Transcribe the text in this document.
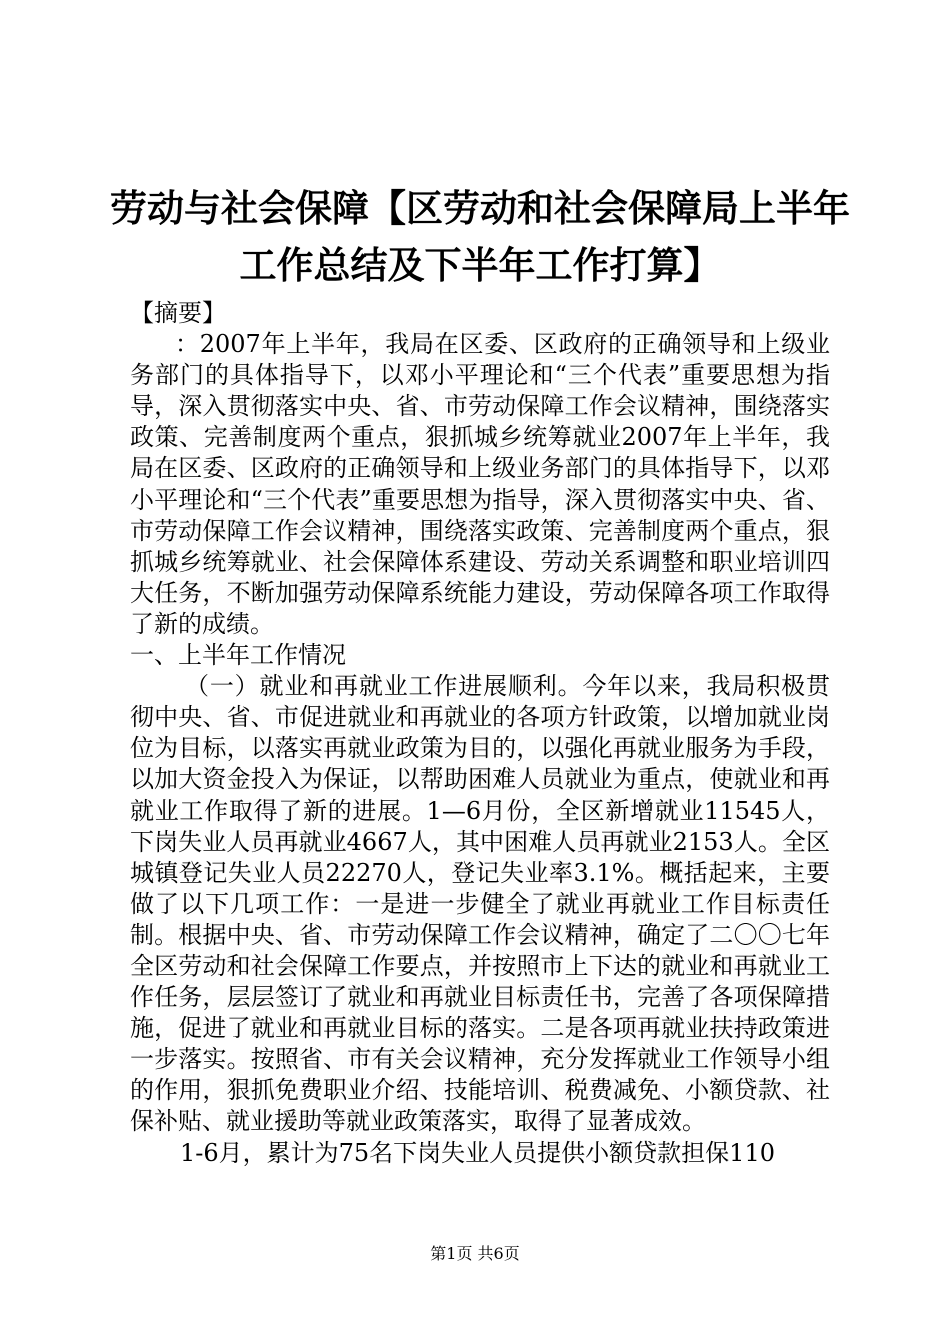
劳动与社会保障【区劳动和社会保障局上半年
工作总结及下半年工作打算】

【摘要】

：2007年上半年，我局在区委、区政府的正确领导和上级业务部门的具体指导下，以邓小平理论和“三个代表”重要思想为指导，深入贯彻落实中央、省、市劳动保障工作会议精神，围绕落实政策、完善制度两个重点，狠抓城乡统筹就业2007年上半年，我局在区委、区政府的正确领导和上级业务部门的具体指导下，以邓小平理论和“三个代表”重要思想为指导，深入贯彻落实中央、省、市劳动保障工作会议精神，围绕落实政策、完善制度两个重点，狠抓城乡统筹就业、社会保障体系建设、劳动关系调整和职业培训四大任务，不断加强劳动保障系统能力建设，劳动保障各项工作取得了新的成绩。

一、上半年工作情况

（一）就业和再就业工作进展顺利。今年以来，我局积极贯彻中央、省、市促进就业和再就业的各项方针政策，以增加就业岗位为目标，以落实再就业政策为目的，以强化再就业服务为手段，以加大资金投入为保证，以帮助困难人员就业为重点，使就业和再就业工作取得了新的进展。1—6月份，全区新增就业11545人，下岗失业人员再就业4667人，其中困难人员再就业2153人。全区城镇登记失业人员22270人，登记失业率3.1%。概括起来，主要做了以下几项工作：一是进一步健全了就业再就业工作目标责任制。根据中央、省、市劳动保障工作会议精神，确定了二〇〇七年全区劳动和社会保障工作要点，并按照市上下达的就业和再就业工作任务，层层签订了就业和再就业目标责任书，完善了各项保障措施，促进了就业和再就业目标的落实。二是各项再就业扶持政策进一步落实。按照省、市有关会议精神，充分发挥就业工作领导小组的作用，狠抓免费职业介绍、技能培训、税费减免、小额贷款、社保补贴、就业援助等就业政策落实，取得了显著成效。

1-6月，累计为75名下岗失业人员提供小额贷款担保110

第1页 共6页
